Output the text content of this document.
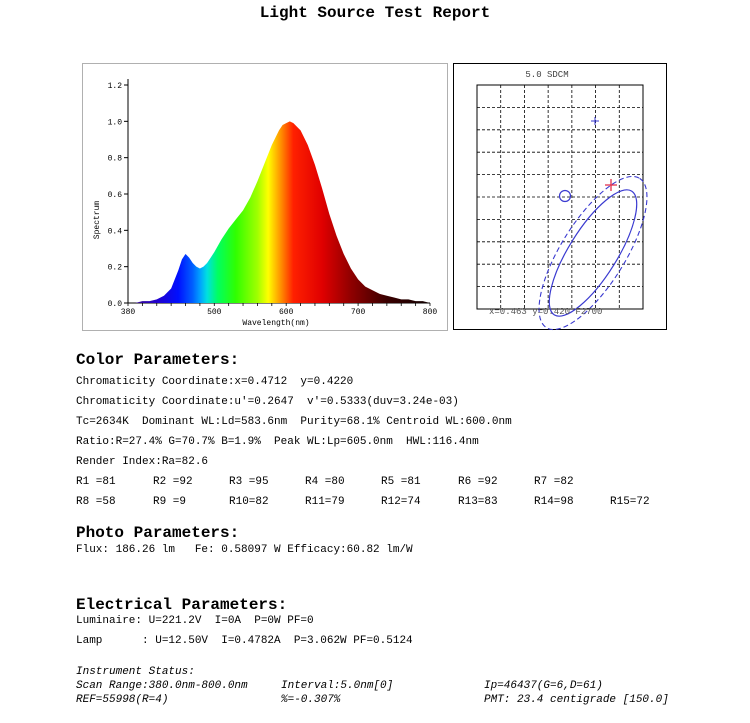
Light Source Test Report
0.0
0.2
0.4
0.6
0.8
1.0
1.2
380	500	600	700	800
Spectrum
Wavelength(nm)
5.0 SDCM
x=0.463 y=0.420 F2700
Color Parameters:
Chromaticity Coordinate:x=0.4712  y=0.4220
Chromaticity Coordinate:u'=0.2647  v'=0.5333(duv=3.24e-03)
Tc=2634K  Dominant WL:Ld=583.6nm  Purity=68.1% Centroid WL:600.0nm
Ratio:R=27.4% G=70.7% B=1.9%  Peak WL:Lp=605.0nm  HWL:116.4nm
Render Index:Ra=82.6
R1 =81	R2 =92	R3 =95	R4 =80	R5 =81	R6 =92	R7 =82
R8 =58	R9 =9	R10=82	R11=79	R12=74	R13=83	R14=98	R15=72
Photo Parameters:
Flux: 186.26 lm   Fe: 0.58097 W Efficacy:60.82 lm/W
Electrical Parameters:
Luminaire: U=221.2V  I=0A  P=0W PF=0
Lamp      : U=12.50V  I=0.4782A  P=3.062W PF=0.5124
Instrument Status:
Scan Range:380.0nm-800.0nm	Interval:5.0nm[0]	Ip=46437(G=6,D=61)
REF=55998(R=4)	%=-0.307%	PMT: 23.4 centigrade [150.0]
